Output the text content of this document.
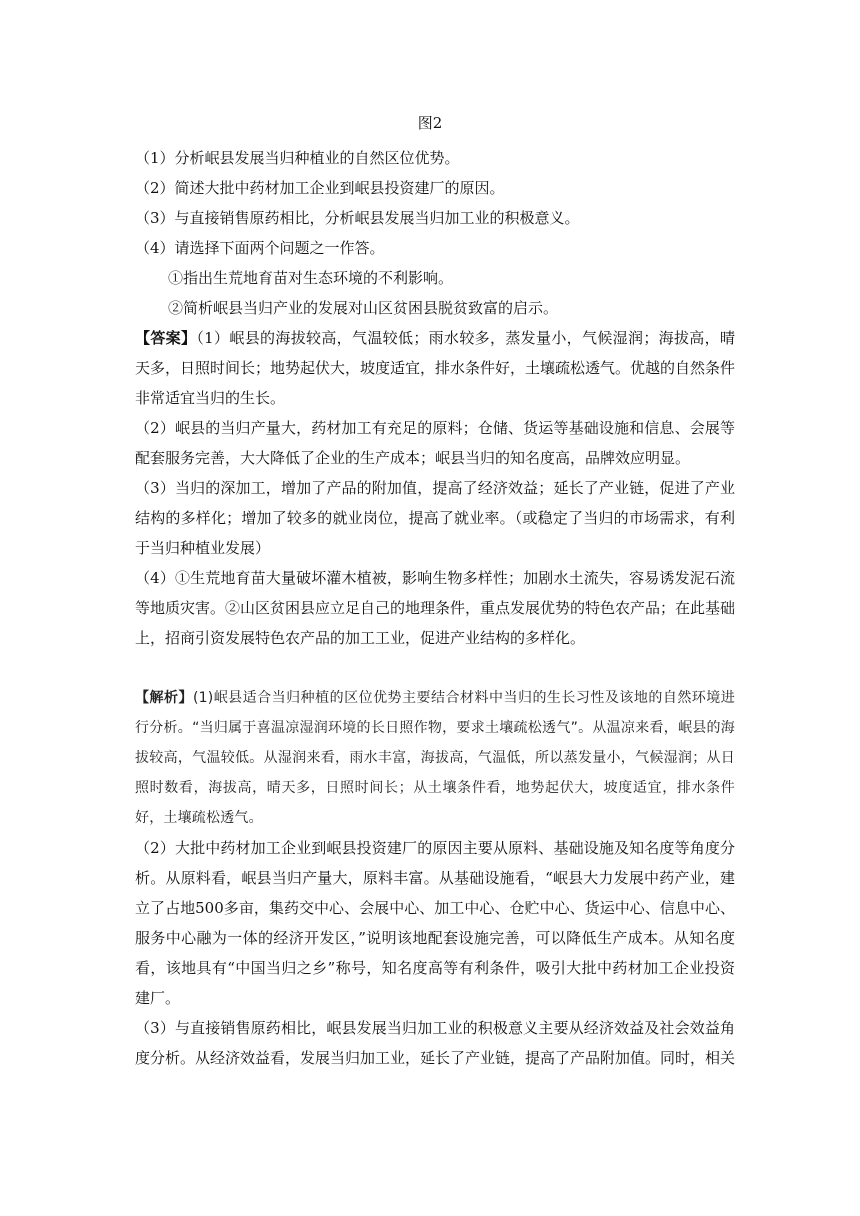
图2
（1）分析岷县发展当归种植业的自然区位优势。
（2）简述大批中药材加工企业到岷县投资建厂的原因。
（3）与直接销售原药相比，分析岷县发展当归加工业的积极意义。
（4）请选择下面两个问题之一作答。
①指出生荒地育苗对生态环境的不利影响。
②简析岷县当归产业的发展对山区贫困县脱贫致富的启示。
【答案】（1）岷县的海拔较高，气温较低；雨水较多，蒸发量小，气候湿润；海拔高，晴天多，日照时间长；地势起伏大，坡度适宜，排水条件好，土壤疏松透气。优越的自然条件非常适宜当归的生长。
（2）岷县的当归产量大，药材加工有充足的原料；仓储、货运等基础设施和信息、会展等配套服务完善，大大降低了企业的生产成本；岷县当归的知名度高，品牌效应明显。
（3）当归的深加工，增加了产品的附加值，提高了经济效益；延长了产业链，促进了产业结构的多样化；增加了较多的就业岗位，提高了就业率。（或稳定了当归的市场需求，有利于当归种植业发展）
（4）①生荒地育苗大量破坏灌木植被，影响生物多样性；加剧水土流失，容易诱发泥石流等地质灾害。②山区贫困县应立足自己的地理条件，重点发展优势的特色农产品；在此基础上，招商引资发展特色农产品的加工工业，促进产业结构的多样化。
【解析】(1)岷县适合当归种植的区位优势主要结合材料中当归的生长习性及该地的自然环境进行分析。“当归属于喜温凉湿润环境的长日照作物，要求土壤疏松透气”。从温凉来看，岷县的海拔较高，气温较低。从湿润来看，雨水丰富，海拔高，气温低，所以蒸发量小，气候湿润；从日照时数看，海拔高，晴天多，日照时间长；从土壤条件看，地势起伏大，坡度适宜，排水条件好，土壤疏松透气。
（2）大批中药材加工企业到岷县投资建厂的原因主要从原料、基础设施及知名度等角度分析。从原料看，岷县当归产量大，原料丰富。从基础设施看，“岷县大力发展中药产业，建立了占地500多亩，集药交中心、会展中心、加工中心、仓贮中心、货运中心、信息中心、服务中心融为一体的经济开发区，”说明该地配套设施完善，可以降低生产成本。从知名度看，该地具有“中国当归之乡”称号，知名度高等有利条件，吸引大批中药材加工企业投资建厂。
（3）与直接销售原药相比，岷县发展当归加工业的积极意义主要从经济效益及社会效益角度分析。从经济效益看，发展当归加工业，延长了产业链，提高了产品附加值。同时，相关
